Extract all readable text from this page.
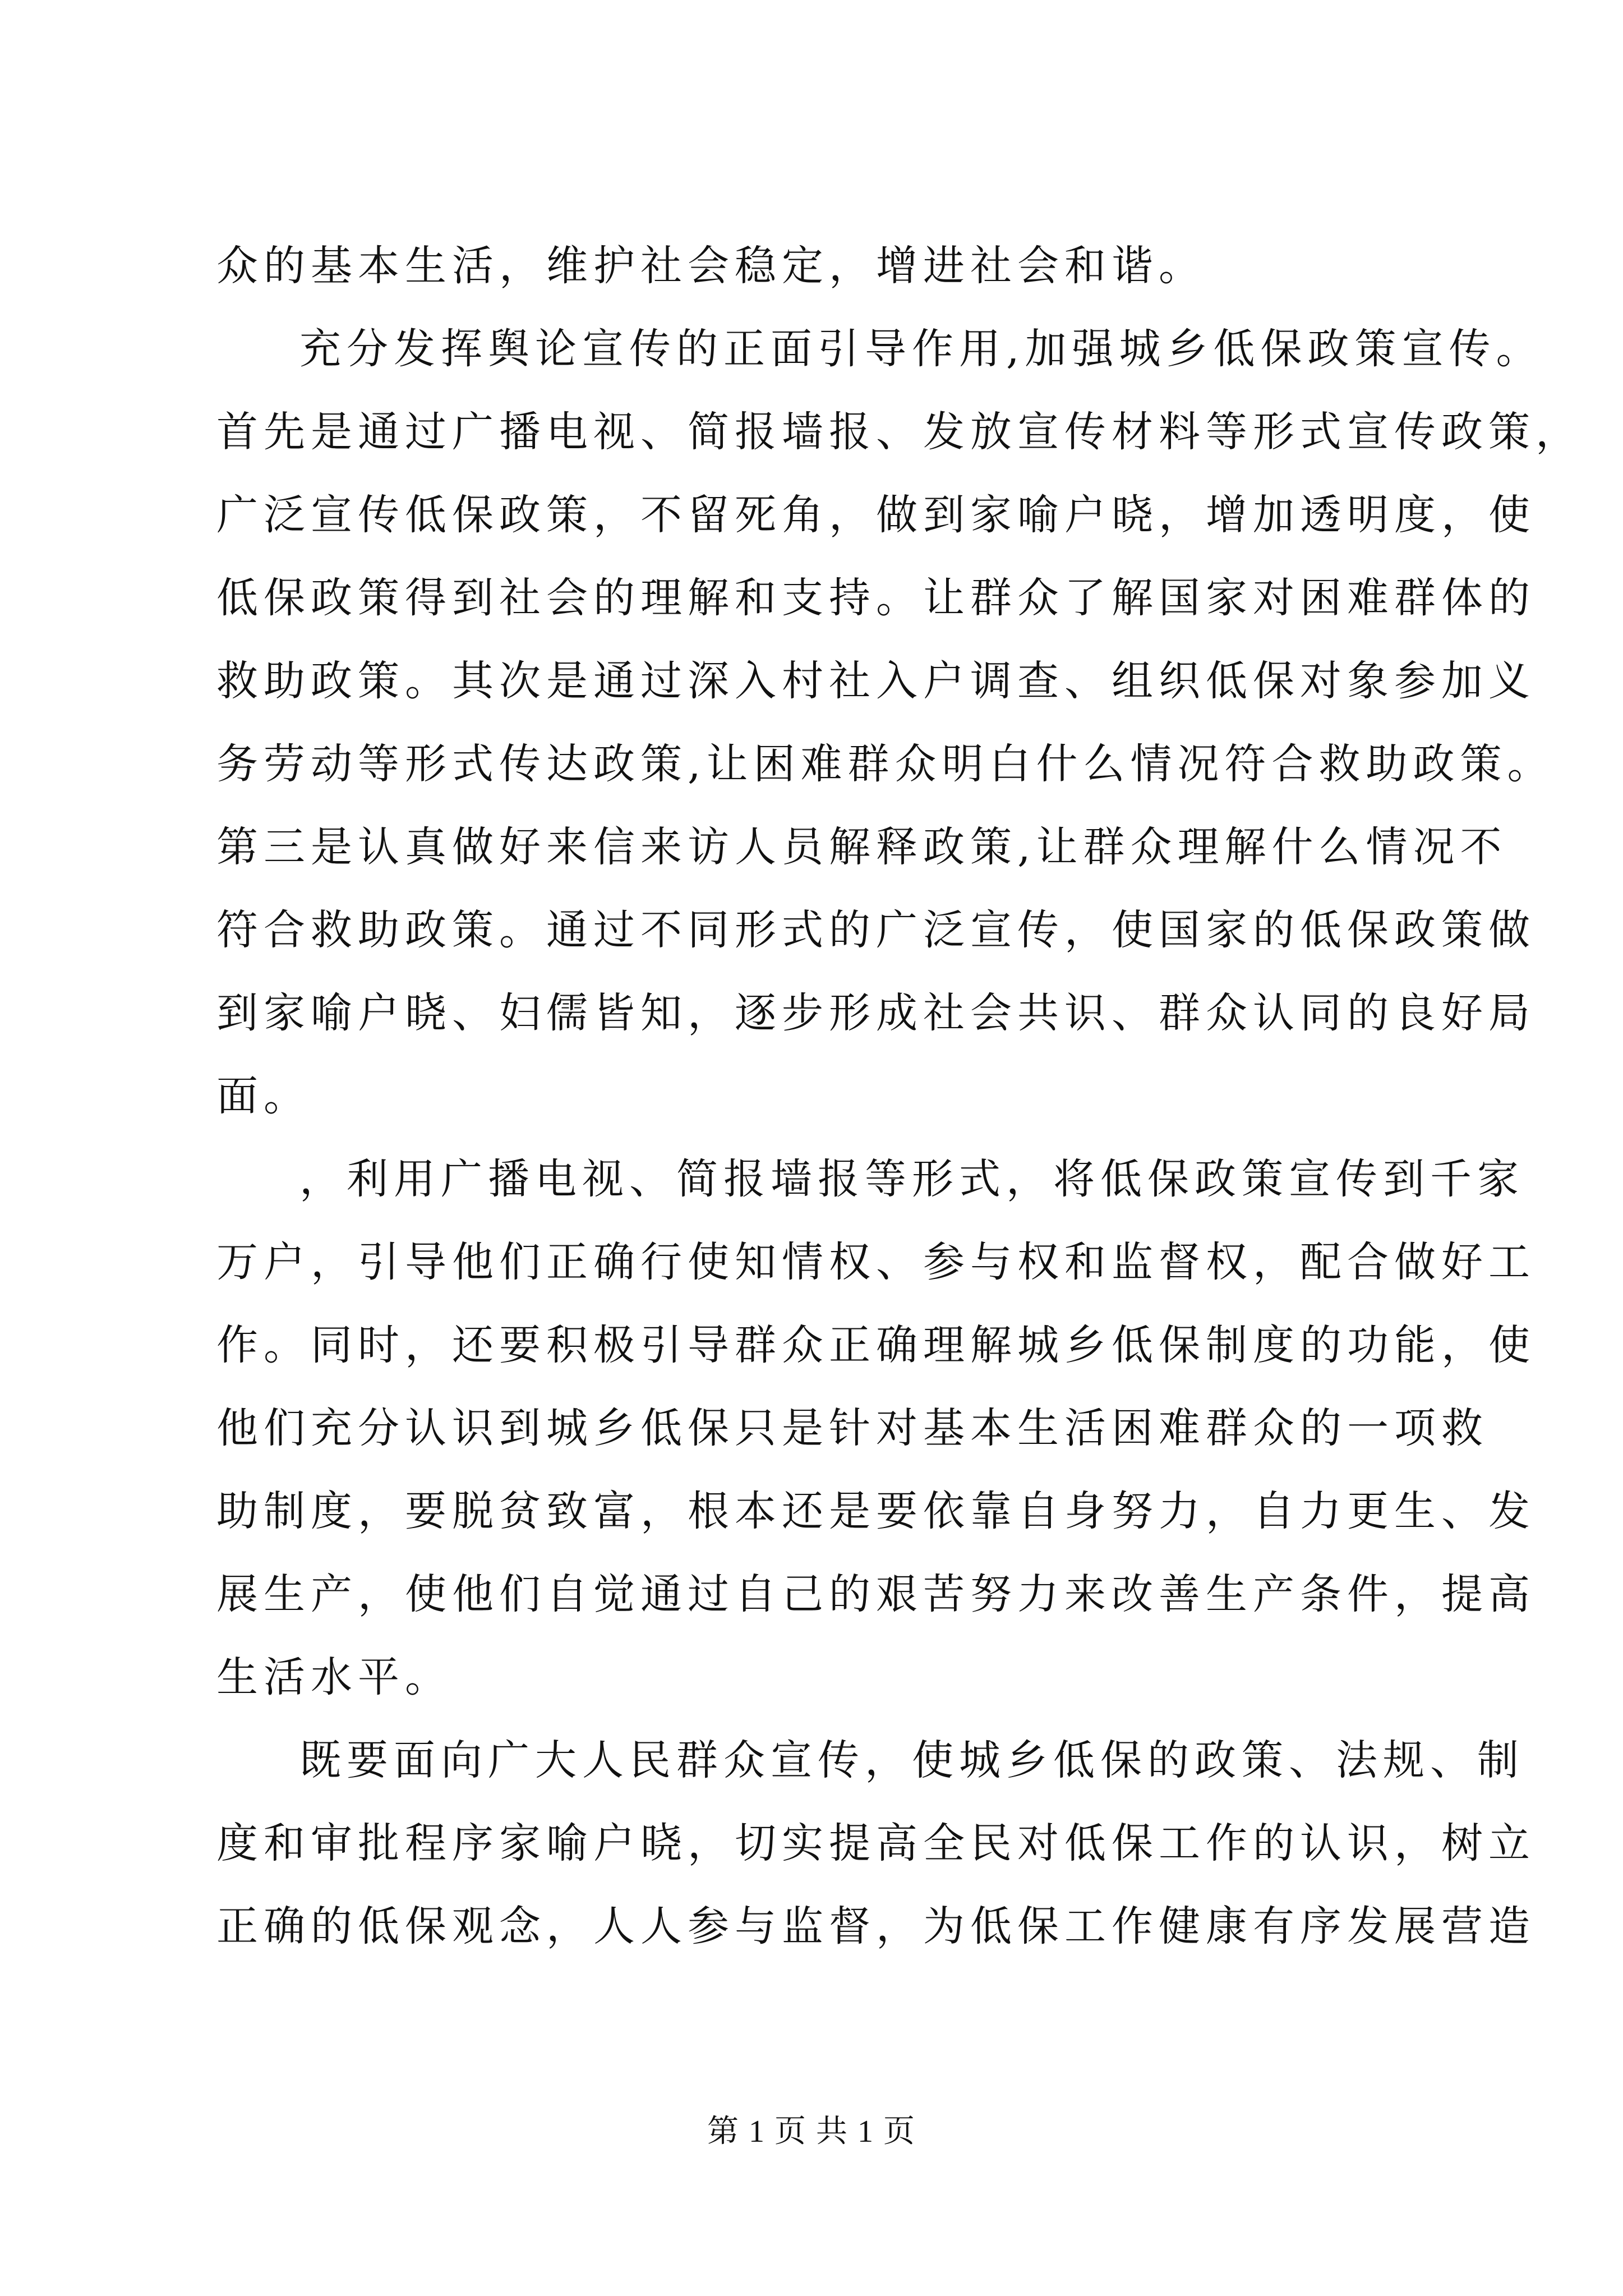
众的基本生活，维护社会稳定，增进社会和谐。
充分发挥舆论宣传的正面引导作用,加强城乡低保政策宣传。
首先是通过广播电视、简报墙报、发放宣传材料等形式宣传政策，
广泛宣传低保政策，不留死角，做到家喻户晓，增加透明度，使
低保政策得到社会的理解和支持。让群众了解国家对困难群体的
救助政策。其次是通过深入村社入户调查、组织低保对象参加义
务劳动等形式传达政策,让困难群众明白什么情况符合救助政策。
第三是认真做好来信来访人员解释政策,让群众理解什么情况不
符合救助政策。通过不同形式的广泛宣传，使国家的低保政策做
到家喻户晓、妇儒皆知，逐步形成社会共识、群众认同的良好局
面。
，利用广播电视、简报墙报等形式，将低保政策宣传到千家
万户，引导他们正确行使知情权、参与权和监督权，配合做好工
作。同时，还要积极引导群众正确理解城乡低保制度的功能，使
他们充分认识到城乡低保只是针对基本生活困难群众的一项救
助制度，要脱贫致富，根本还是要依靠自身努力，自力更生、发
展生产，使他们自觉通过自己的艰苦努力来改善生产条件，提高
生活水平。
既要面向广大人民群众宣传，使城乡低保的政策、法规、制
度和审批程序家喻户晓，切实提高全民对低保工作的认识，树立
正确的低保观念，人人参与监督，为低保工作健康有序发展营造
第 1 页 共 1 页
